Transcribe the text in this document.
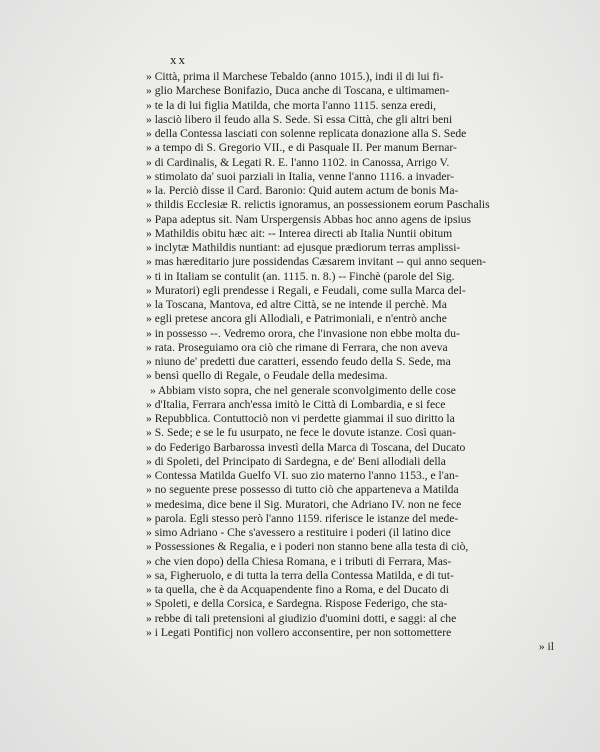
xx
» Città, prima il Marchese Tebaldo (anno 1015.), indi il di lui fi-
» glio Marchese Bonifazio, Duca anche di Toscana, e ultimamen-
» te la di lui figlia Matilda, che morta l'anno 1115. senza eredi,
» lasciò libero il feudo alla S. Sede. Sì essa Città, che gli altri beni
» della Contessa lasciati con solenne replicata donazione alla S. Sede
» a tempo di S. Gregorio VII., e di Pasquale II. Per manum Bernar-
» di Cardinalis, & Legati R. E. l'anno 1102. in Canossa, Arrigo V.
» stimolato da' suoi parziali in Italia, venne l'anno 1116. a invader-
» la. Perciò disse il Card. Baronio: Quid autem actum de bonis Ma-
» thildis Ecclesiæ R. relictis ignoramus, an possessionem eorum Paschalis
» Papa adeptus sit. Nam Urspergensis Abbas hoc anno agens de ipsius
» Mathildis obitu hæc ait: -- Interea directi ab Italia Nuntii obitum
» inclytæ Mathildis nuntiant: ad ejusque prædiorum terras amplissi-
» mas hæreditario jure possidendas Cæsarem invitant -- qui anno sequen-
» ti in Italiam se contulit (an. 1115. n. 8.) -- Finchè (parole del Sig.
» Muratori) egli prendesse i Regali, e Feudali, come sulla Marca del-
» la Toscana, Mantova, ed altre Città, se ne intende il perchè. Ma
» egli pretese ancora gli Allodiali, e Patrimoniali, e n'entrò anche
» in possesso --. Vedremo orora, che l'invasione non ebbe molta du-
» rata. Proseguiamo ora ciò che rimane di Ferrara, che non aveva
» niuno de' predetti due caratteri, essendo feudo della S. Sede, ma
» bensì quello di Regale, o Feudale della medesima.
» Abbiam visto sopra, che nel generale sconvolgimento delle cose
» d'Italia, Ferrara anch'essa imitò le Città di Lombardia, e si fece
» Repubblica. Contuttociò non vi perdette giammai il suo diritto la
» S. Sede; e se le fu usurpato, ne fece le dovute istanze. Così quan-
» do Federigo Barbarossa investì della Marca di Toscana, del Ducato
» di Spoleti, del Principato di Sardegna, e de' Beni allodiali della
» Contessa Matilda Guelfo VI. suo zio materno l'anno 1153., e l'an-
» no seguente prese possesso di tutto ciò che apparteneva a Matilda
» medesima, dice bene il Sig. Muratori, che Adriano IV. non ne fece
» parola. Egli stesso però l'anno 1159. riferisce le istanze del mede-
» simo Adriano - Che s'avessero a restituire i poderi (il latino dice
» Possessiones & Regalia, e i poderi non stanno bene alla testa di ciò,
» che vien dopo) della Chiesa Romana, e i tributi di Ferrara, Mas-
» sa, Figheruolo, e di tutta la terra della Contessa Matilda, e di tut-
» ta quella, che è da Acquapendente fino a Roma, e del Ducato di
» Spoleti, e della Corsica, e Sardegna. Rispose Federigo, che sta-
» rebbe di tali pretensioni al giudizio d'uomini dotti, e saggi: al che
» i Legati Pontificj non vollero acconsentire, per non sottomettere
» il
